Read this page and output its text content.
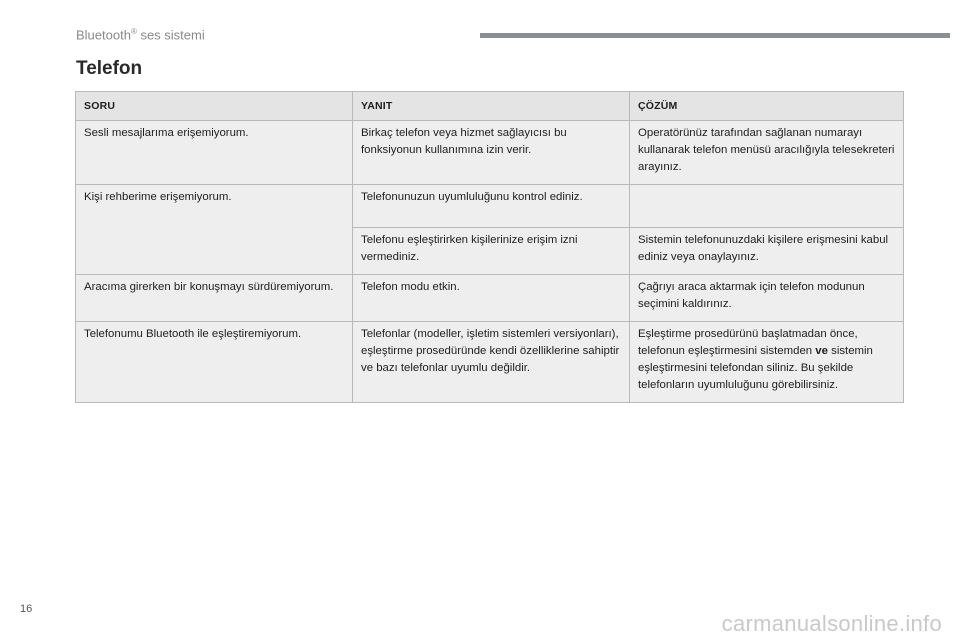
Bluetooth® ses sistemi
Telefon
SORU	YANIT	ÇÖZÜM
Sesli mesajlarıma erişemiyorum.	Birkaç telefon veya hizmet sağlayıcısı bu fonksiyonun kullanımına izin verir.	Operatörünüz tarafından sağlanan numarayı kullanarak telefon menüsü aracılığıyla telesekreteri arayınız.
Kişi rehberime erişemiyorum.	Telefonunuzun uyumluluğunu kontrol ediniz.	
	Telefonu eşleştirirken kişilerinize erişim izni vermediniz.	Sistemin telefonunuzdaki kişilere erişmesini kabul ediniz veya onaylayınız.
Aracıma girerken bir konuşmayı sürdüremiyorum.	Telefon modu etkin.	Çağrıyı araca aktarmak için telefon modunun seçimini kaldırınız.
Telefonumu Bluetooth ile eşleştiremiyorum.	Telefonlar (modeller, işletim sistemleri versiyonları), eşleştirme prosedüründe kendi özelliklerine sahiptir ve bazı telefonlar uyumlu değildir.	Eşleştirme prosedürünü başlatmadan önce, telefonun eşleştirmesini sistemden ve sistemin eşleştirmesini telefondan siliniz. Bu şekilde telefonların uyumluluğunu görebilirsiniz.
16
carmanualsonline.info
